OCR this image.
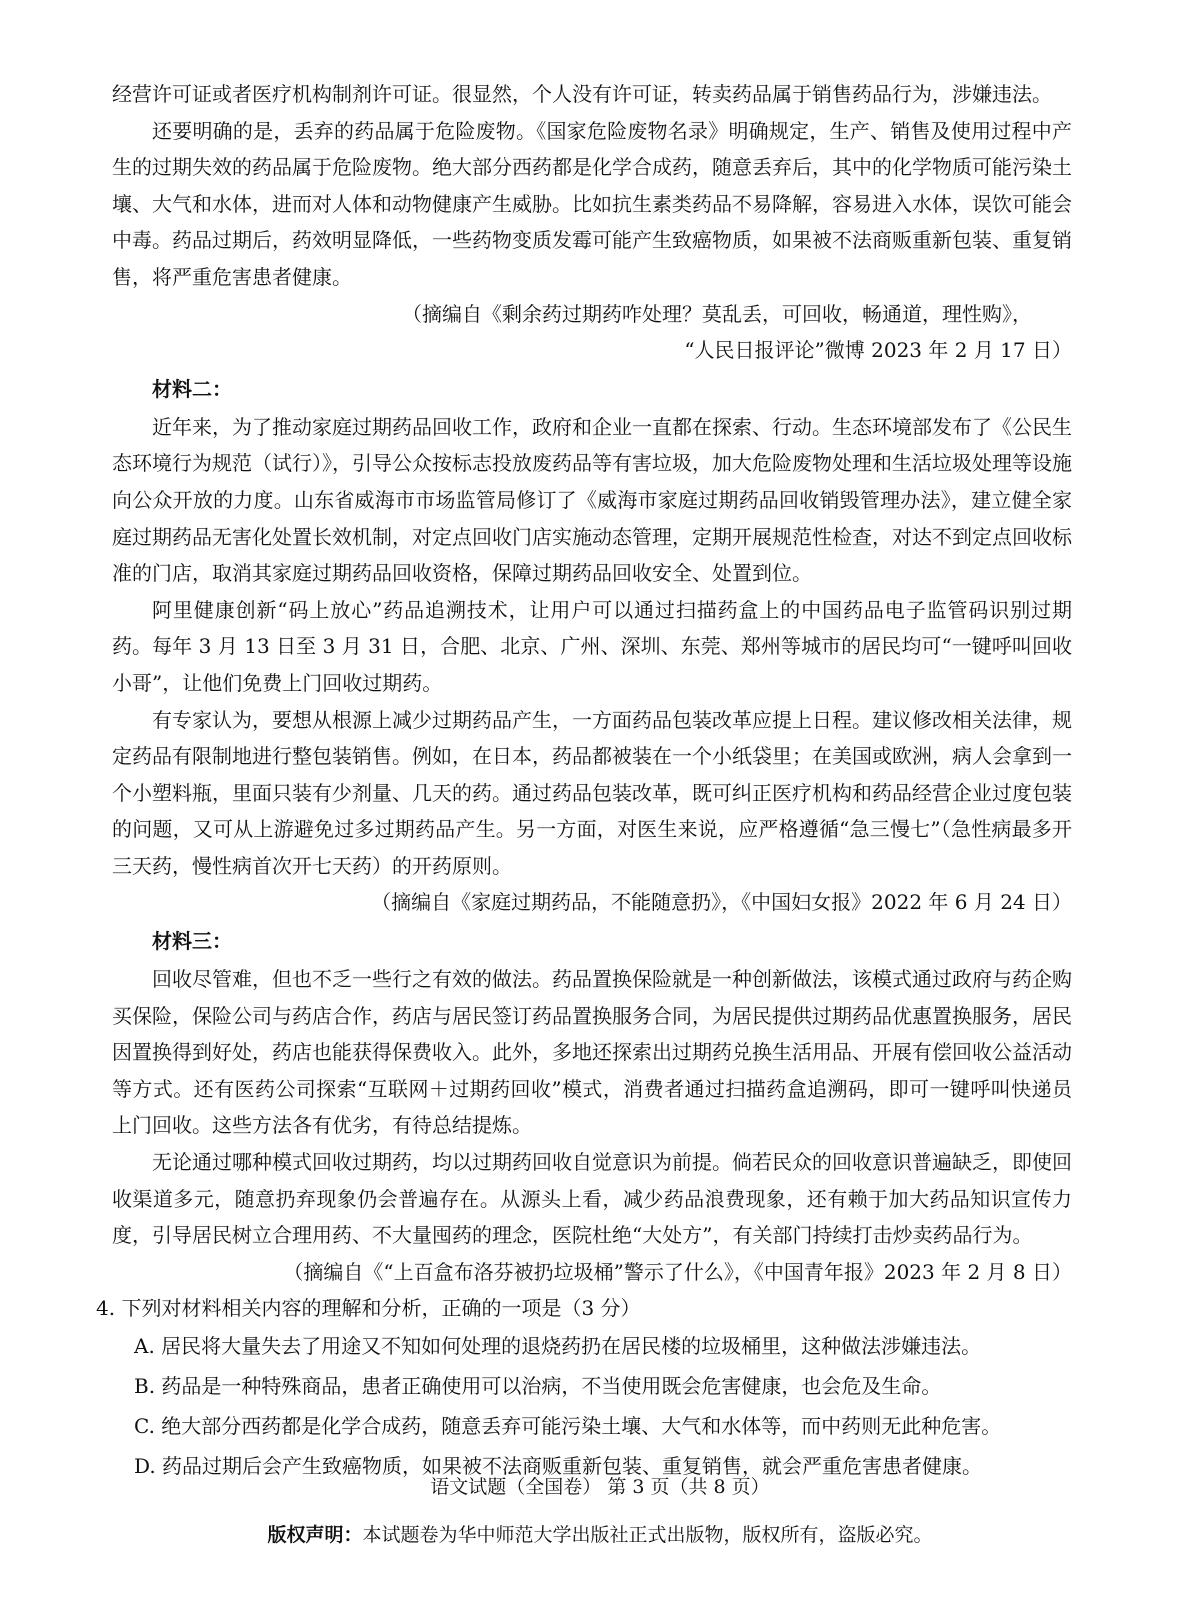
经营许可证或者医疗机构制剂许可证。很显然，个人没有许可证，转卖药品属于销售药品行为，涉嫌违法。

还要明确的是，丢弃的药品属于危险废物。《国家危险废物名录》明确规定，生产、销售及使用过程中产生的过期失效的药品属于危险废物。绝大部分西药都是化学合成药，随意丢弃后，其中的化学物质可能污染土壤、大气和水体，进而对人体和动物健康产生威胁。比如抗生素类药品不易降解，容易进入水体，误饮可能会中毒。药品过期后，药效明显降低，一些药物变质发霉可能产生致癌物质，如果被不法商贩重新包装、重复销售，将严重危害患者健康。

（摘编自《剩余药过期药咋处理？莫乱丢，可回收，畅通道，理性购》，

“人民日报评论”微博 2023 年 2 月 17 日）

材料二：

近年来，为了推动家庭过期药品回收工作，政府和企业一直都在探索、行动。生态环境部发布了《公民生态环境行为规范（试行）》，引导公众按标志投放废药品等有害垃圾，加大危险废物处理和生活垃圾处理等设施向公众开放的力度。山东省威海市市场监管局修订了《威海市家庭过期药品回收销毁管理办法》，建立健全家庭过期药品无害化处置长效机制，对定点回收门店实施动态管理，定期开展规范性检查，对达不到定点回收标准的门店，取消其家庭过期药品回收资格，保障过期药品回收安全、处置到位。

阿里健康创新“码上放心”药品追溯技术，让用户可以通过扫描药盒上的中国药品电子监管码识别过期药。每年 3 月 13 日至 3 月 31 日，合肥、北京、广州、深圳、东莞、郑州等城市的居民均可“一键呼叫回收小哥”，让他们免费上门回收过期药。

有专家认为，要想从根源上减少过期药品产生，一方面药品包装改革应提上日程。建议修改相关法律，规定药品有限制地进行整包装销售。例如，在日本，药品都被装在一个小纸袋里；在美国或欧洲，病人会拿到一个小塑料瓶，里面只装有少剂量、几天的药。通过药品包装改革，既可纠正医疗机构和药品经营企业过度包装的问题，又可从上游避免过多过期药品产生。另一方面，对医生来说，应严格遵循“急三慢七”（急性病最多开三天药，慢性病首次开七天药）的开药原则。

（摘编自《家庭过期药品，不能随意扔》，《中国妇女报》2022 年 6 月 24 日）

材料三：

回收尽管难，但也不乏一些行之有效的做法。药品置换保险就是一种创新做法，该模式通过政府与药企购买保险，保险公司与药店合作，药店与居民签订药品置换服务合同，为居民提供过期药品优惠置换服务，居民因置换得到好处，药店也能获得保费收入。此外，多地还探索出过期药兑换生活用品、开展有偿回收公益活动等方式。还有医药公司探索“互联网＋过期药回收”模式，消费者通过扫描药盒追溯码，即可一键呼叫快递员上门回收。这些方法各有优劣，有待总结提炼。

无论通过哪种模式回收过期药，均以过期药回收自觉意识为前提。倘若民众的回收意识普遍缺乏，即使回收渠道多元，随意扔弃现象仍会普遍存在。从源头上看，减少药品浪费现象，还有赖于加大药品知识宣传力度，引导居民树立合理用药、不大量囤药的理念，医院杜绝“大处方”，有关部门持续打击炒卖药品行为。

（摘编自《“上百盒布洛芬被扔垃圾桶”警示了什么》，《中国青年报》2023 年 2 月 8 日）

4. 下列对材料相关内容的理解和分析，正确的一项是（3 分）

A. 居民将大量失去了用途又不知如何处理的退烧药扔在居民楼的垃圾桶里，这种做法涉嫌违法。

B. 药品是一种特殊商品，患者正确使用可以治病，不当使用既会危害健康，也会危及生命。

C. 绝大部分西药都是化学合成药，随意丢弃可能污染土壤、大气和水体等，而中药则无此种危害。

D. 药品过期后会产生致癌物质，如果被不法商贩重新包装、重复销售，就会严重危害患者健康。

语文试题（全国卷） 第 3 页（共 8 页）
版权声明：本试题卷为华中师范大学出版社正式出版物，版权所有，盗版必究。
